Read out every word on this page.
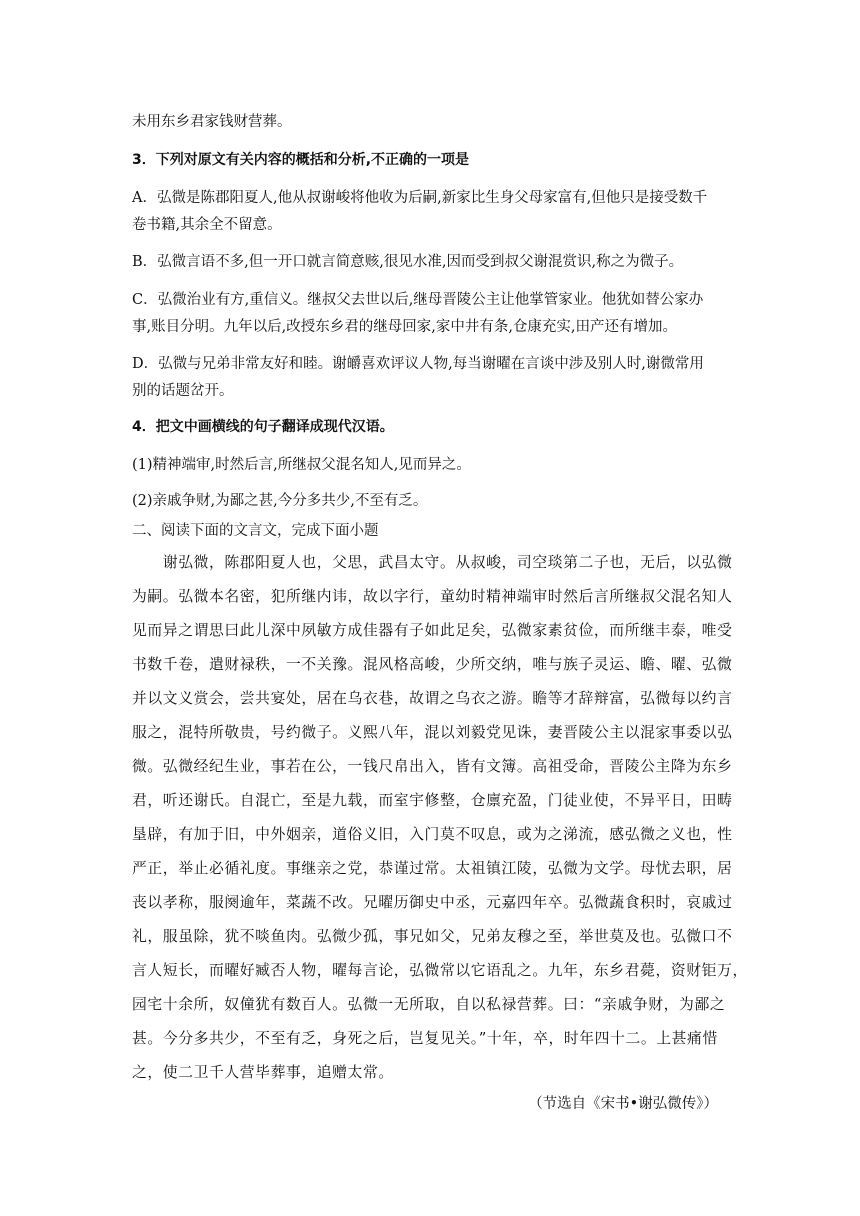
未用东乡君家钱财营葬。
3．下列对原文有关内容的概括和分析,不正确的一项是
A．弘微是陈郡阳夏人,他从叔谢峻将他收为后嗣,新家比生身父母家富有,但他只是接受数千
卷书籍,其余全不留意。
B．弘微言语不多,但一开口就言简意赅,很见水准,因而受到叔父谢混赏识,称之为微子。
C．弘微治业有方,重信义。继叔父去世以后,继母晋陵公主让他掌管家业。他犹如替公家办
事,账目分明。九年以后,改授东乡君的继母回家,家中井有条,仓康充实,田产还有增加。
D．弘微与兄弟非常友好和睦。谢皭喜欢评议人物,每当谢曜在言谈中涉及别人时,谢微常用
别的话题岔开。
4．把文中画横线的句子翻译成现代汉语。
(1)精神端审,时然后言,所继叔父混名知人,见而异之。
(2)亲戚争财,为鄙之甚,今分多共少,不至有乏。
二、阅读下面的文言文，完成下面小题
　　谢弘微，陈郡阳夏人也，父思，武昌太守。从叔峻，司空琰第二子也，无后，以弘微
为嗣。弘微本名密，犯所继内讳，故以字行，童幼时精神端审时然后言所继叔父混名知人
见而异之谓思曰此儿深中夙敏方成佳器有子如此足矣，弘微家素贫俭，而所继丰泰，唯受
书数千卷，遣财禄秩，一不关豫。混风格高峻，少所交纳，唯与族子灵运、瞻、曜、弘微
并以文义赏会，尝共宴处，居在乌衣巷，故谓之乌衣之游。瞻等才辞辩富，弘微每以约言
服之，混特所敬贵，号约微子。义熙八年，混以刘毅党见诛，妻晋陵公主以混家事委以弘
微。弘微经纪生业，事若在公，一钱尺帛出入，皆有文簿。高祖受命，晋陵公主降为东乡
君，听还谢氏。自混亡，至是九载，而室宇修整，仓廪充盈，门徒业使，不异平日，田畴
垦辟，有加于旧，中外姻亲，道俗义旧，入门莫不叹息，或为之涕流，感弘微之义也，性
严正，举止必循礼度。事继亲之党，恭谨过常。太祖镇江陵，弘微为文学。母忧去职，居
丧以孝称，服阕逾年，菜蔬不改。兄曜历御史中丞，元嘉四年卒。弘微蔬食积时，哀戚过
礼，服虽除，犹不啖鱼肉。弘微少孤，事兄如父，兄弟友穆之至，举世莫及也。弘微口不
言人短长，而曜好臧否人物，曜每言论，弘微常以它语乱之。九年，东乡君薨，资财钜万，
园宅十余所，奴僮犹有数百人。弘微一无所取，自以私禄营葬。曰：“亲戚争财，为鄙之
甚。今分多共少，不至有乏，身死之后，岂复见关。”十年，卒，时年四十二。上甚痛惜
之，使二卫千人营毕葬事，追赠太常。
（节选自《宋书•谢弘微传》）
